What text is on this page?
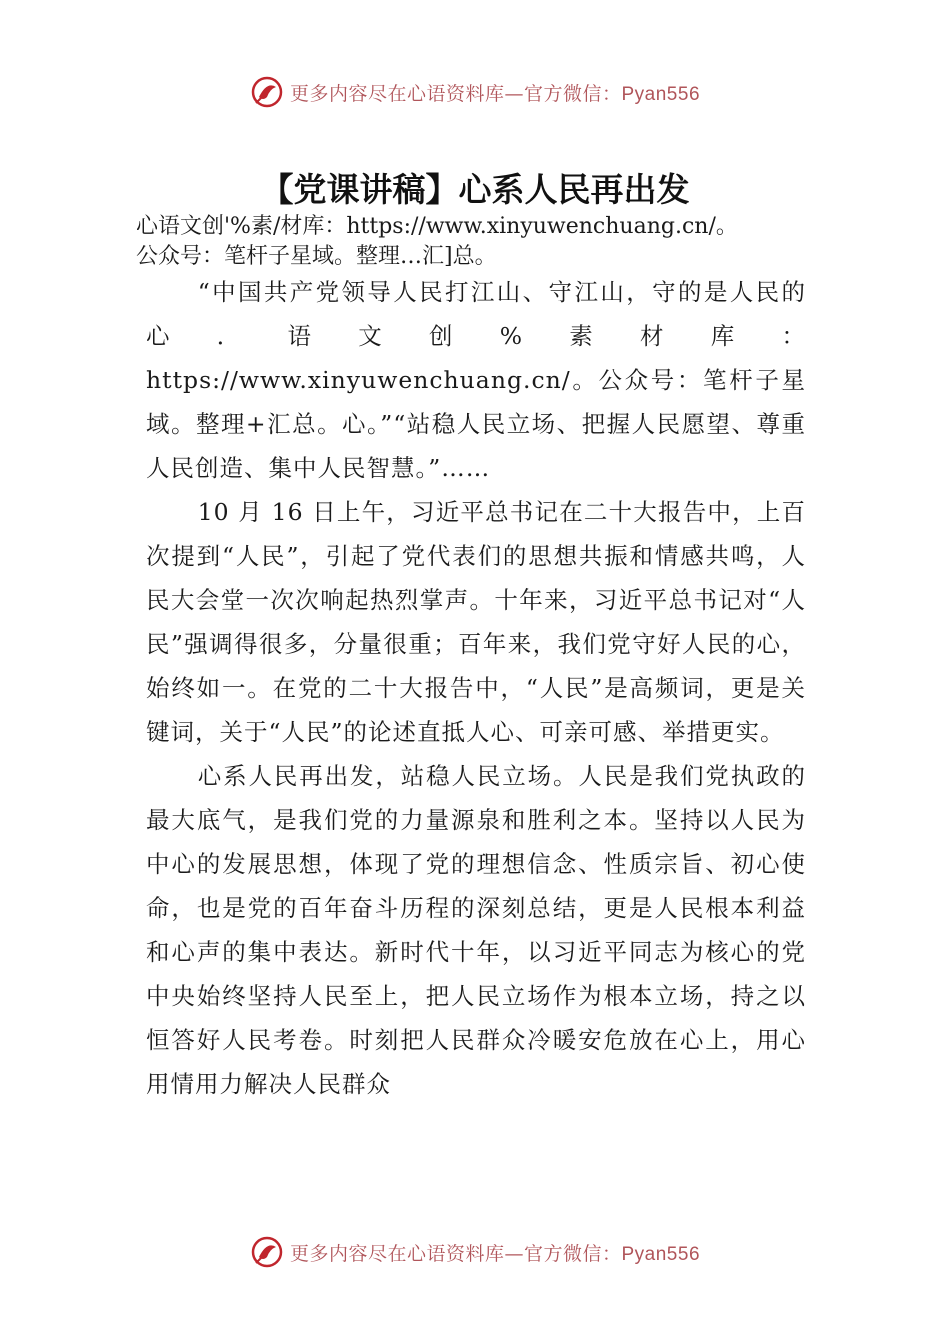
更多内容尽在心语资料库—官方微信：Pyan556
【党课讲稿】心系人民再出发
心语文创'%素/材库：https://www.xinyuwenchuang.cn/。
公众号：笔杆子星域。整理…汇]总。

“中国共产党领导人民打江山、守江山，守的是人民的心．语文创%素材库：https://www.xinyuwenchuang.cn/。公众号：笔杆子星域。整理+汇总。心。”“站稳人民立场、把握人民愿望、尊重人民创造、集中人民智慧。”……

10 月 16 日上午，习近平总书记在二十大报告中，上百次提到“人民”，引起了党代表们的思想共振和情感共鸣，人民大会堂一次次响起热烈掌声。十年来，习近平总书记对“人民”强调得很多，分量很重；百年来，我们党守好人民的心，始终如一。在党的二十大报告中，“人民”是高频词，更是关键词，关于“人民”的论述直抵人心、可亲可感、举措更实。

心系人民再出发，站稳人民立场。人民是我们党执政的最大底气，是我们党的力量源泉和胜利之本。坚持以人民为中心的发展思想，体现了党的理想信念、性质宗旨、初心使命，也是党的百年奋斗历程的深刻总结，更是人民根本利益和心声的集中表达。新时代十年，以习近平同志为核心的党中央始终坚持人民至上，把人民立场作为根本立场，持之以恒答好人民考卷。时刻把人民群众冷暖安危放在心上，用心用情用力解决人民群众

更多内容尽在心语资料库—官方微信：Pyan556
